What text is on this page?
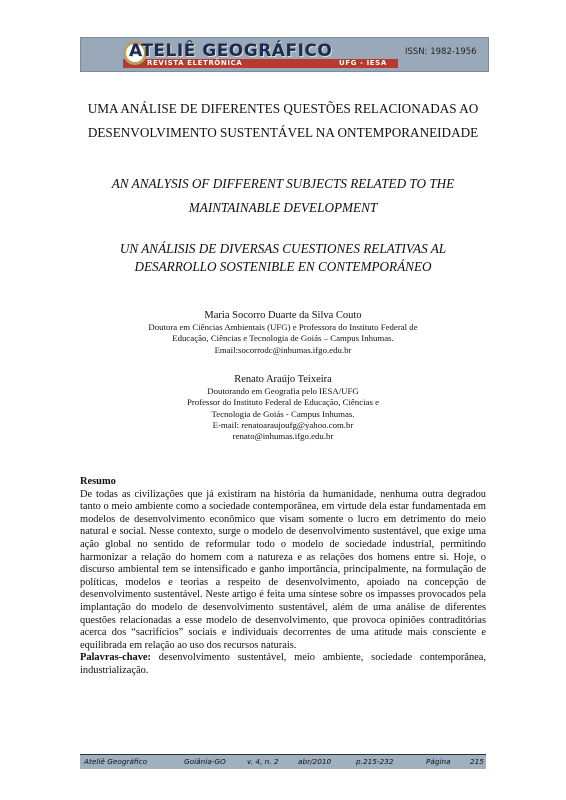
ATELIÊ GEOGRÁFICO
REVISTA ELETRÔNICA	UFG - IESA
ISSN: 1982-1956
UMA ANÁLISE DE DIFERENTES QUESTÕES RELACIONADAS AO
DESENVOLVIMENTO SUSTENTÁVEL NA ONTEMPORANEIDADE
AN ANALYSIS OF DIFFERENT SUBJECTS RELATED TO THE
MAINTAINABLE DEVELOPMENT
UN ANÁLISIS DE DIVERSAS CUESTIONES RELATIVAS AL
DESARROLLO SOSTENIBLE EN CONTEMPORÁNEO
Maria Socorro Duarte da Silva Couto
Doutora em Ciências Ambientais (UFG) e Professora do Instituto Federal de
Educação, Ciências e Tecnologia de Goiás – Campus Inhumas.
Email:socorrodc@inhumas.ifgo.edu.br
Renato Araújo Teixeira
Doutorando em Geografia pelo IESA/UFG
Professor do Instituto Federal de Educação, Ciências e
Tecnologia de Goiás - Campus Inhumas.
E-mail: renatoaraujoufg@yahoo.com.br
renato@inhumas.ifgo.edu.br
Resumo
De todas as civilizações que já existiram na história da humanidade, nenhuma outra degradou tanto o meio ambiente como a sociedade contemporânea, em virtude dela estar fundamentada em modelos de desenvolvimento econômico que visam somente o lucro em detrimento do meio natural e social. Nesse contexto, surge o modelo de desenvolvimento sustentável, que exige uma ação global no sentido de reformular todo o modelo de sociedade industrial, permitindo harmonizar a relação do homem com a natureza e as relações dos homens entre si. Hoje, o discurso ambiental tem se intensificado e ganho importância, principalmente, na formulação de políticas, modelos e teorias a respeito de desenvolvimento, apoiado na concepção de desenvolvimento sustentável. Neste artigo é feita uma síntese sobre os impasses provocados pela implantação do modelo de desenvolvimento sustentável, além de uma análise de diferentes questões relacionadas a esse modelo de desenvolvimento, que provoca opiniões contraditórias acerca dos “sacrifícios” sociais e individuais decorrentes de uma atitude mais consciente e equilibrada em relação ao uso dos recursos naturais.
Palavras-chave: desenvolvimento sustentável, meio ambiente, sociedade contemporânea, industrialização.
Ateliê Geográfico	Goiânia-GO	v. 4, n. 2	abr/2010	p.215-232	Página	215
